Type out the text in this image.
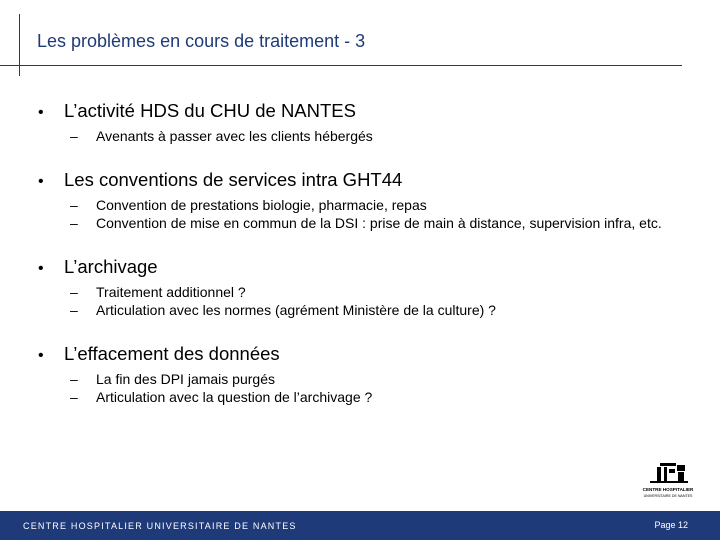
Les problèmes en cours de traitement - 3
•	L’activité HDS du CHU de NANTES
–	Avenants à passer avec les clients hébergés
•	Les conventions de services intra GHT44
–	Convention de prestations biologie, pharmacie, repas
–	Convention de mise en commun de la DSI : prise de main à distance, supervision infra, etc.
•	L’archivage
–	Traitement additionnel ?
–	Articulation avec les normes (agrément Ministère de la culture) ?
•	L’effacement des données
–	La fin des DPI jamais purgés
–	Articulation avec la question de l’archivage ?
CENTRE HOSPITALIER
UNIVERSITAIRE DE NANTES
CENTRE HOSPITALIER UNIVERSITAIRE DE NANTES	Page 12
